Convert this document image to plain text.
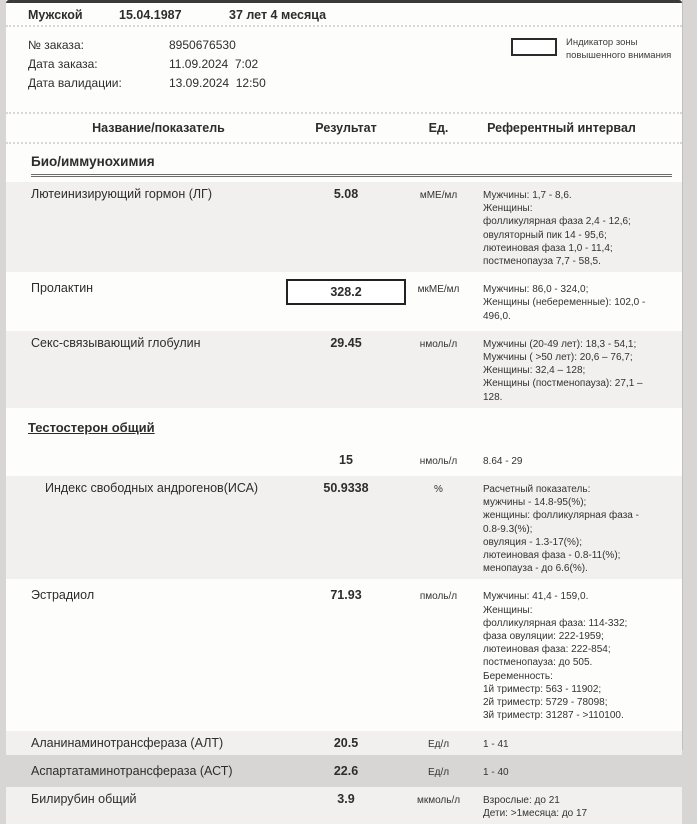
Мужской	15.04.1987	37 лет 4 месяца
№ заказа:	8950676530
Дата заказа:	11.09.2024  7:02
Дата валидации:	13.09.2024  12:50
Индикатор зоны
повышенного внимания
Название/показатель	Результат	Ед.	Референтный интервал
Био/иммунохимия
Лютеинизирующий гормон (ЛГ)	5.08	мМЕ/мл	Мужчины: 1,7 - 8,6.
Женщины:
фолликулярная фаза 2,4 - 12,6;
овуляторный пик 14 - 95,6;
лютеиновая фаза 1,0 - 11,4;
постменопауза 7,7 - 58,5.
Пролактин	328.2	мкМЕ/мл	Мужчины: 86,0 - 324,0;
Женщины (небеременные): 102,0 -
496,0.
Секс-связывающий глобулин	29.45	нмоль/л	Мужчины (20-49 лет): 18,3 - 54,1;
Мужчины ( >50 лет): 20,6 – 76,7;
Женщины: 32,4 – 128;
Женщины (постменопауза): 27,1 – 128.
Тестостерон общий
15	нмоль/л	8.64 - 29
Индекс свободных андрогенов(ИСА)	50.9338	%	Расчетный показатель:
мужчины - 14.8-95(%);
женщины: фолликулярная фаза -
0.8-9.3(%);
овуляция - 1.3-17(%);
лютеиновая фаза - 0.8-11(%);
менопауза - до 6.6(%).
Эстрадиол	71.93	пмоль/л	Мужчины: 41,4 - 159,0.
Женщины:
фолликулярная фаза: 114-332;
фаза овуляции: 222-1959;
лютеиновая фаза: 222-854;
постменопауза: до 505.
Беременность:
1й триместр: 563 - 11902;
2й триместр: 5729 - 78098;
3й триместр: 31287 - >110100.
Аланинаминотрансфераза (АЛТ)	20.5	Ед/л	1 - 41
Аспартатаминотрансфераза (АСТ)	22.6	Ед/л	1 - 40
Билирубин общий	3.9	мкмоль/л	Взрослые: до 21
Дети: >1месяца: до 17
